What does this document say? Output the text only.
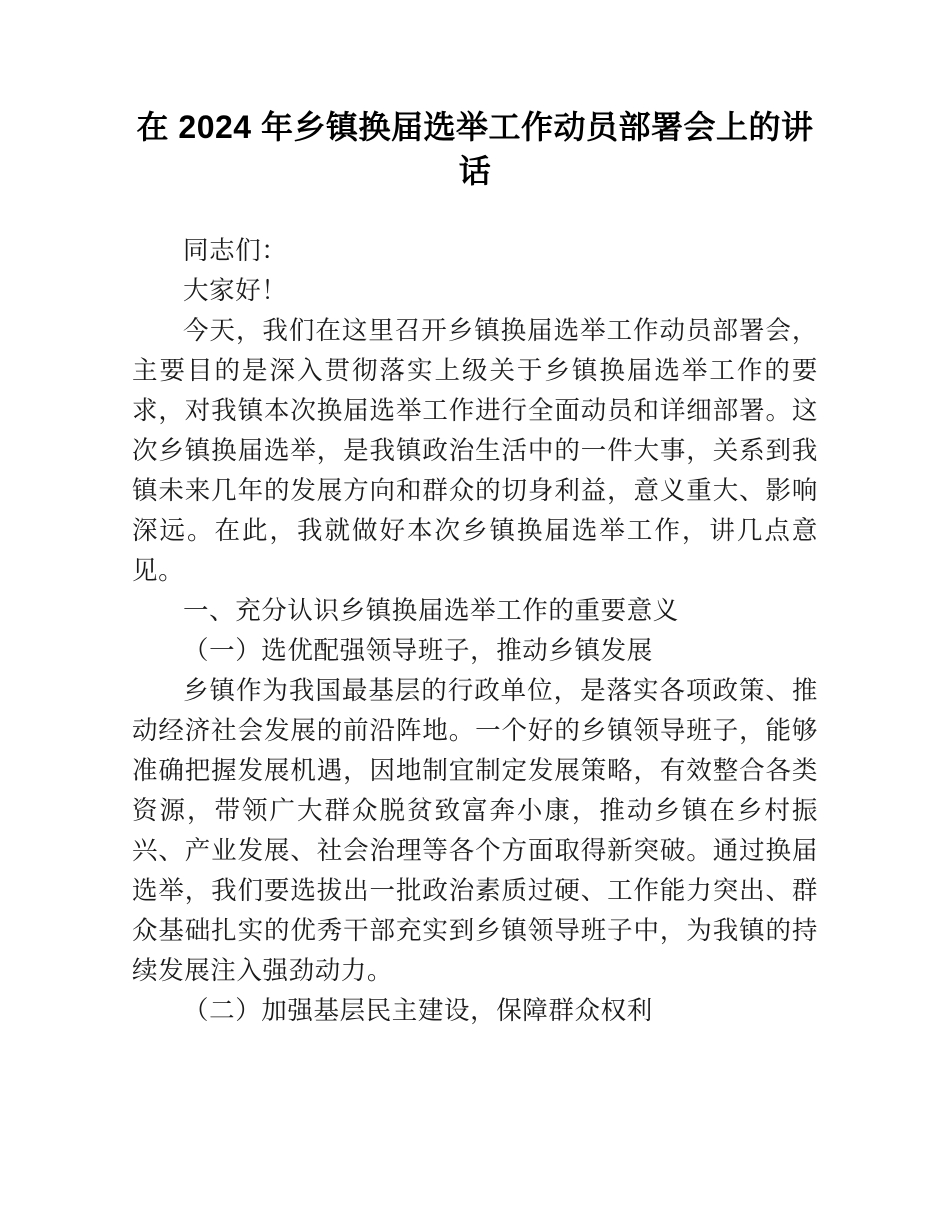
在 2024 年乡镇换届选举工作动员部署会上的讲话

同志们：

大家好！

今天，我们在这里召开乡镇换届选举工作动员部署会，主要目的是深入贯彻落实上级关于乡镇换届选举工作的要求，对我镇本次换届选举工作进行全面动员和详细部署。这次乡镇换届选举，是我镇政治生活中的一件大事，关系到我镇未来几年的发展方向和群众的切身利益，意义重大、影响深远。在此，我就做好本次乡镇换届选举工作，讲几点意见。

一、充分认识乡镇换届选举工作的重要意义
（一）选优配强领导班子，推动乡镇发展

乡镇作为我国最基层的行政单位，是落实各项政策、推动经济社会发展的前沿阵地。一个好的乡镇领导班子，能够准确把握发展机遇，因地制宜制定发展策略，有效整合各类资源，带领广大群众脱贫致富奔小康，推动乡镇在乡村振兴、产业发展、社会治理等各个方面取得新突破。通过换届选举，我们要选拔出一批政治素质过硬、工作能力突出、群众基础扎实的优秀干部充实到乡镇领导班子中，为我镇的持续发展注入强劲动力。

（二）加强基层民主建设，保障群众权利
